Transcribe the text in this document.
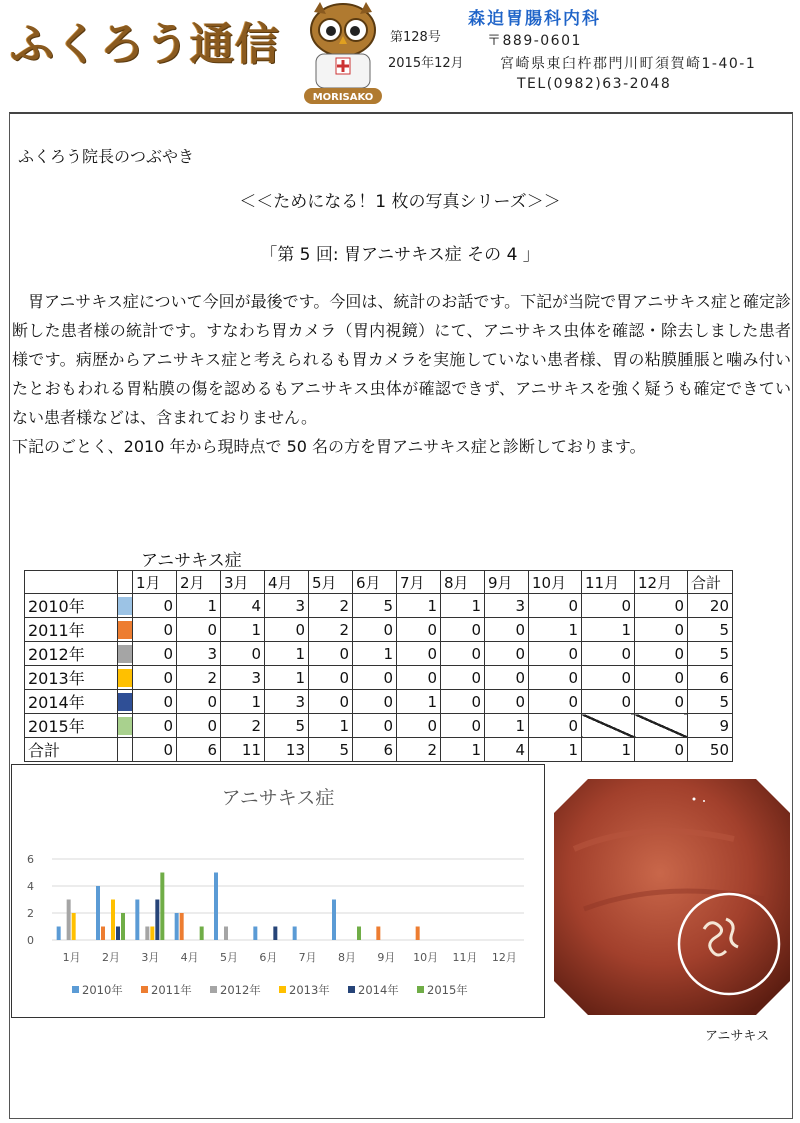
ふくろう通信
MORISAKO
第128号
2015年12月
森迫胃腸科内科
〒889-0601
宮崎県東臼杵郡門川町須賀崎1-40-1
TEL(0982)63-2048
ふくろう院長のつぶやき
＜＜ためになる！1 枚の写真シリーズ＞＞
「第 5 回: 胃アニサキス症 その 4 」

胃アニサキス症について今回が最後です。今回は、統計のお話です。下記が当院で胃アニサキス症と確定診断した患者様の統計です。すなわち胃カメラ（胃内視鏡）にて、アニサキス虫体を確認・除去しました患者様です。病歴からアニサキス症と考えられるも胃カメラを実施していない患者様、胃の粘膜腫脹と噛み付いたとおもわれる胃粘膜の傷を認めるもアニサキス虫体が確認できず、アニサキスを強く疑うも確定できていない患者様などは、含まれておりません。

下記のごとく、2010 年から現時点で 50 名の方を胃アニサキス症と診断しております。

アニサキス症
		1月	2月	3月	4月	5月	6月	7月	8月	9月	10月	11月	12月	合計
2010年		0	1	4	3	2	5	1	1	3	0	0	0	20
2011年		0	0	1	0	2	0	0	0	0	1	1	0	5
2012年		0	3	0	1	0	1	0	0	0	0	0	0	5
2013年		0	2	3	1	0	0	0	0	0	0	0	0	6
2014年		0	0	1	3	0	0	1	0	0	0	0	0	5
2015年		0	0	2	5	1	0	0	0	1	0			9
合計		0	6	11	13	5	6	2	1	4	1	1	0	50
アニサキス症
0
2
4
6
1月 2月 3月 4月 5月 6月 7月 8月 9月 10月 11月 12月
2010年 2011年 2012年 2013年 2014年 2015年
アニサキス
